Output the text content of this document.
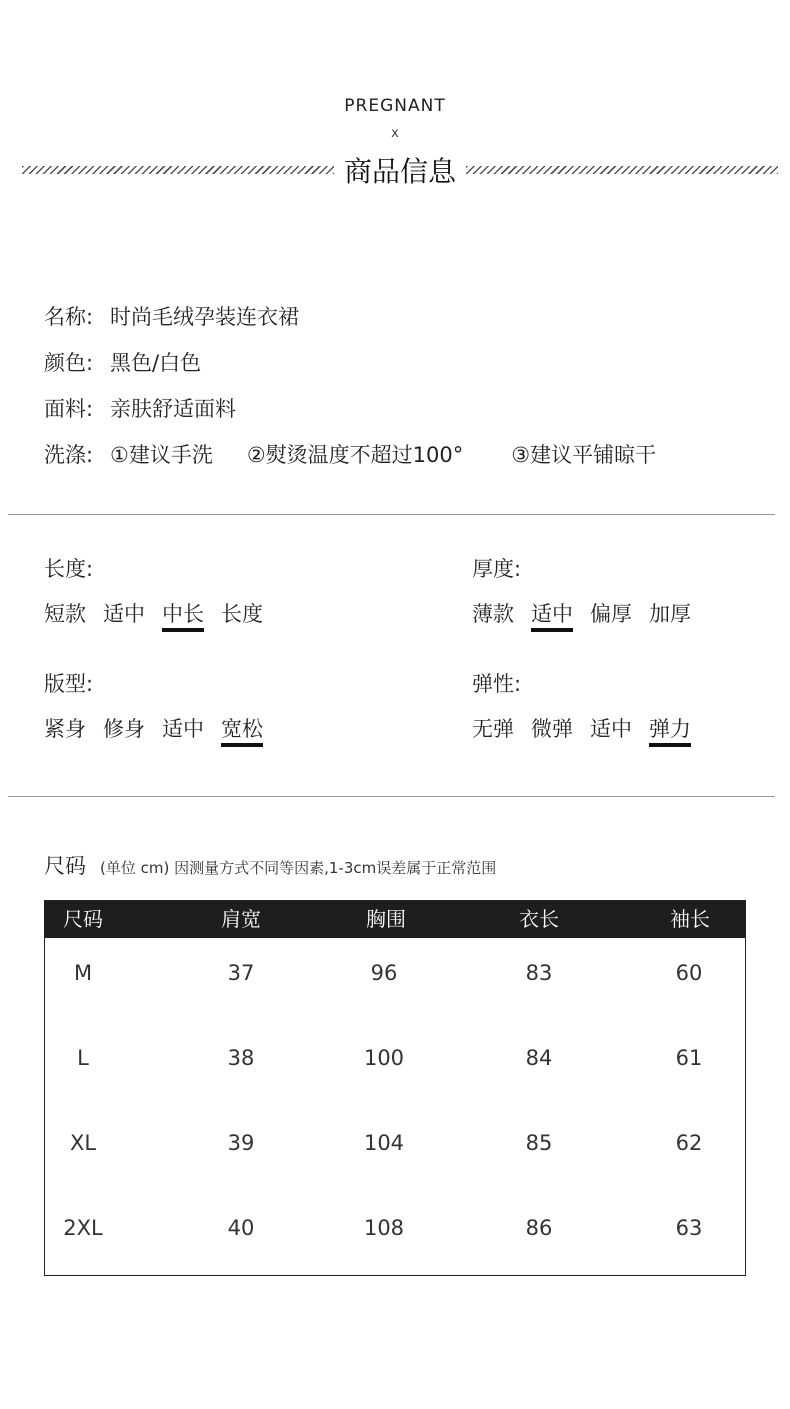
PREGNANT
x
商品信息
名称: 时尚毛绒孕装连衣裙
颜色: 黑色/白色
面料: 亲肤舒适面料
洗涤: ①建议手洗 ②熨烫温度不超过100° ③建议平铺晾干
长度:
短款 适中 中长 长度
厚度:
薄款 适中 偏厚 加厚
版型:
紧身 修身 适中 宽松
弹性:
无弹 微弹 适中 弹力
尺码 (单位 cm) 因测量方式不同等因素,1-3cm误差属于正常范围
尺码	肩宽	胸围	衣长	袖长
M	37	96	83	60
L	38	100	84	61
XL	39	104	85	62
2XL	40	108	86	63
